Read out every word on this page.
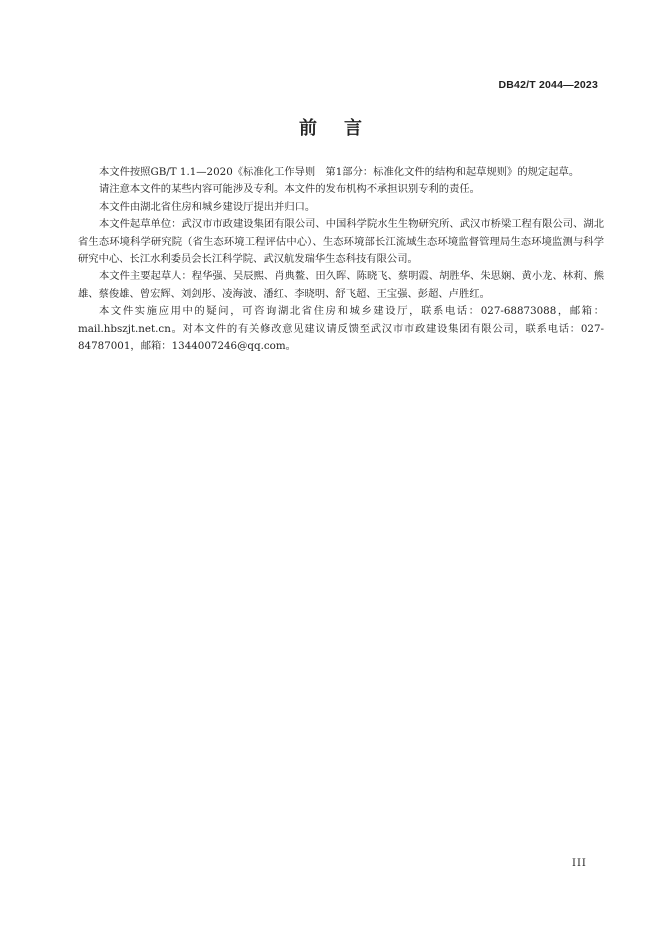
DB42/T 2044—2023
前 言

本文件按照GB/T 1.1—2020《标准化工作导则　第1部分：标准化文件的结构和起草规则》的规定起草。

请注意本文件的某些内容可能涉及专利。本文件的发布机构不承担识别专利的责任。

本文件由湖北省住房和城乡建设厅提出并归口。

本文件起草单位：武汉市市政建设集团有限公司、中国科学院水生生物研究所、武汉市桥梁工程有限公司、湖北省生态环境科学研究院（省生态环境工程评估中心）、生态环境部长江流域生态环境监督管理局生态环境监测与科学研究中心、长江水利委员会长江科学院、武汉航发瑞华生态科技有限公司。

本文件主要起草人：程华强、吴辰熙、肖典鳌、田久晖、陈晓飞、蔡明霞、胡胜华、朱思娴、黄小龙、林莉、熊雄、蔡俊雄、曾宏辉、刘剑彤、凌海波、潘红、李晓明、舒飞超、王宝强、彭超、卢胜红。

本文件实施应用中的疑问，可咨询湖北省住房和城乡建设厅，联系电话：027-68873088，邮箱：mail.hbszjt.net.cn。对本文件的有关修改意见建议请反馈至武汉市市政建设集团有限公司，联系电话：027-84787001，邮箱：1344007246@qq.com。

III
